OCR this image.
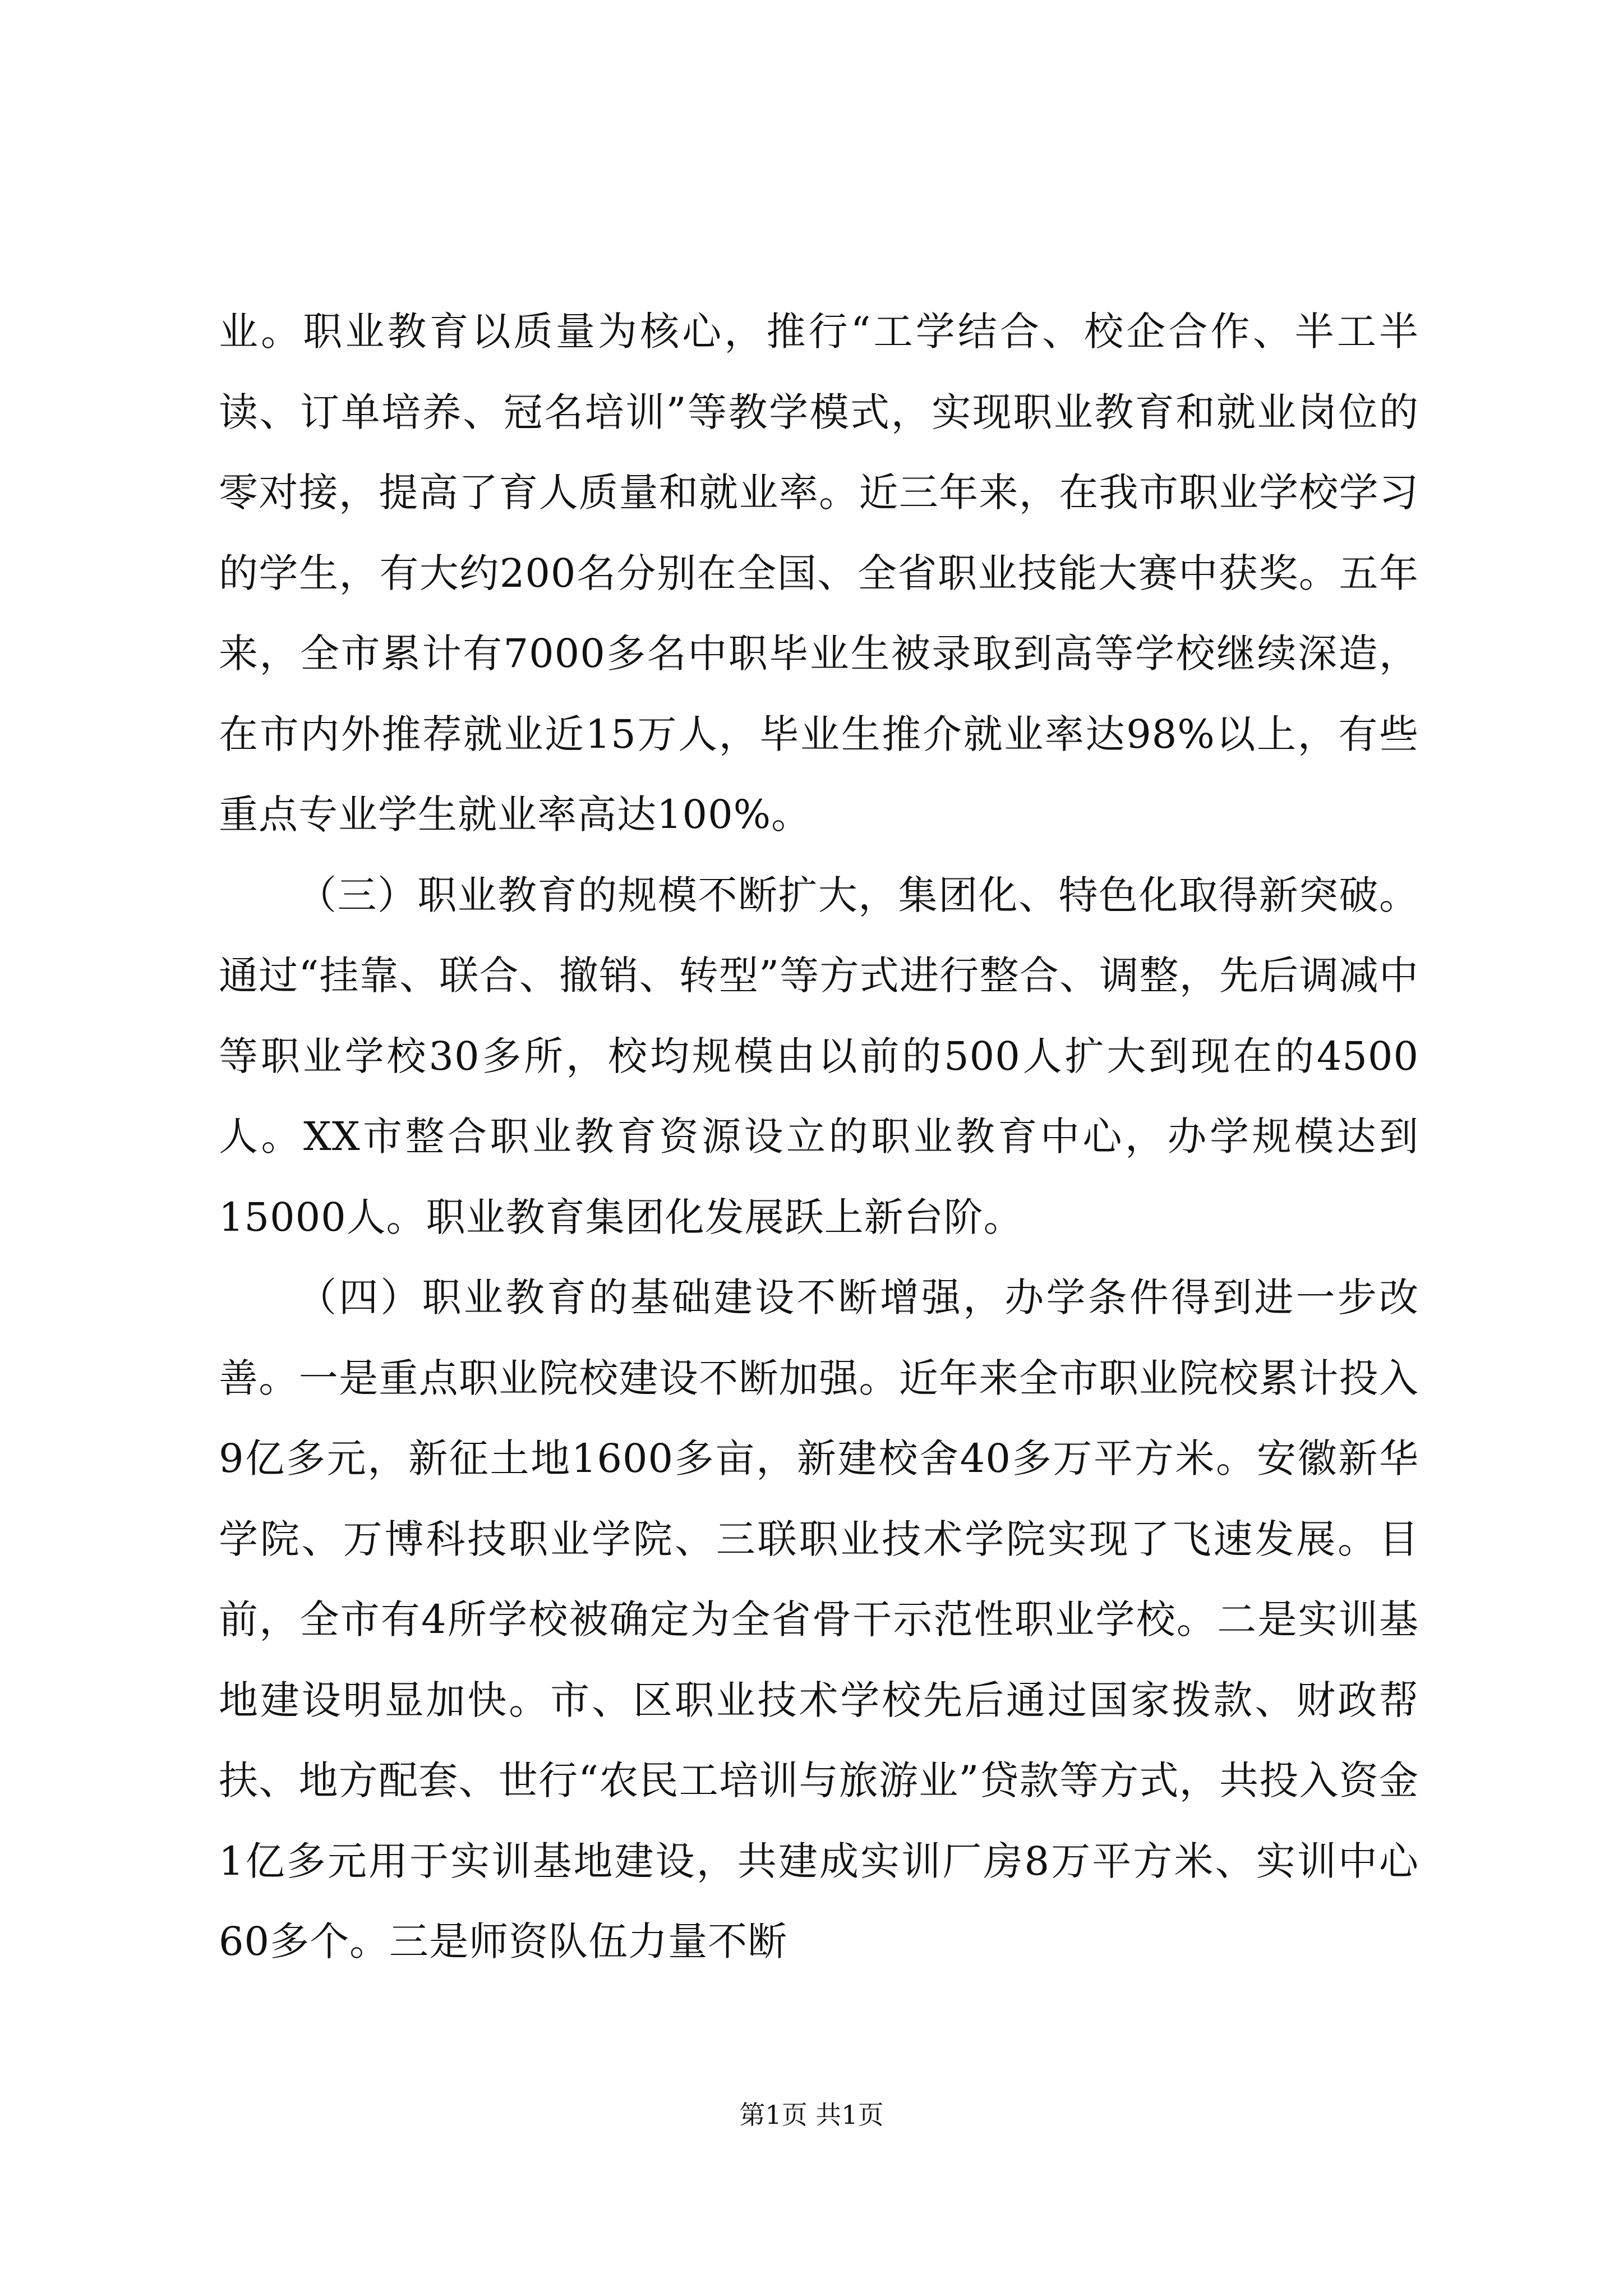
业。职业教育以质量为核心，推行“工学结合、校企合作、半工半读、订单培养、冠名培训”等教学模式，实现职业教育和就业岗位的零对接，提高了育人质量和就业率。近三年来，在我市职业学校学习的学生，有大约200名分别在全国、全省职业技能大赛中获奖。五年来，全市累计有7000多名中职毕业生被录取到高等学校继续深造，在市内外推荐就业近15万人，毕业生推介就业率达98%以上，有些重点专业学生就业率高达100%。

（三）职业教育的规模不断扩大，集团化、特色化取得新突破。通过“挂靠、联合、撤销、转型”等方式进行整合、调整，先后调减中等职业学校30多所，校均规模由以前的500人扩大到现在的4500人。XX市整合职业教育资源设立的职业教育中心，办学规模达到15000人。职业教育集团化发展跃上新台阶。

（四）职业教育的基础建设不断增强，办学条件得到进一步改善。一是重点职业院校建设不断加强。近年来全市职业院校累计投入9亿多元，新征土地1600多亩，新建校舍40多万平方米。安徽新华学院、万博科技职业学院、三联职业技术学院实现了飞速发展。目前，全市有4所学校被确定为全省骨干示范性职业学校。二是实训基地建设明显加快。市、区职业技术学校先后通过国家拨款、财政帮扶、地方配套、世行“农民工培训与旅游业”贷款等方式，共投入资金1亿多元用于实训基地建设，共建成实训厂房8万平方米、实训中心60多个。三是师资队伍力量不断

第1页 共1页
